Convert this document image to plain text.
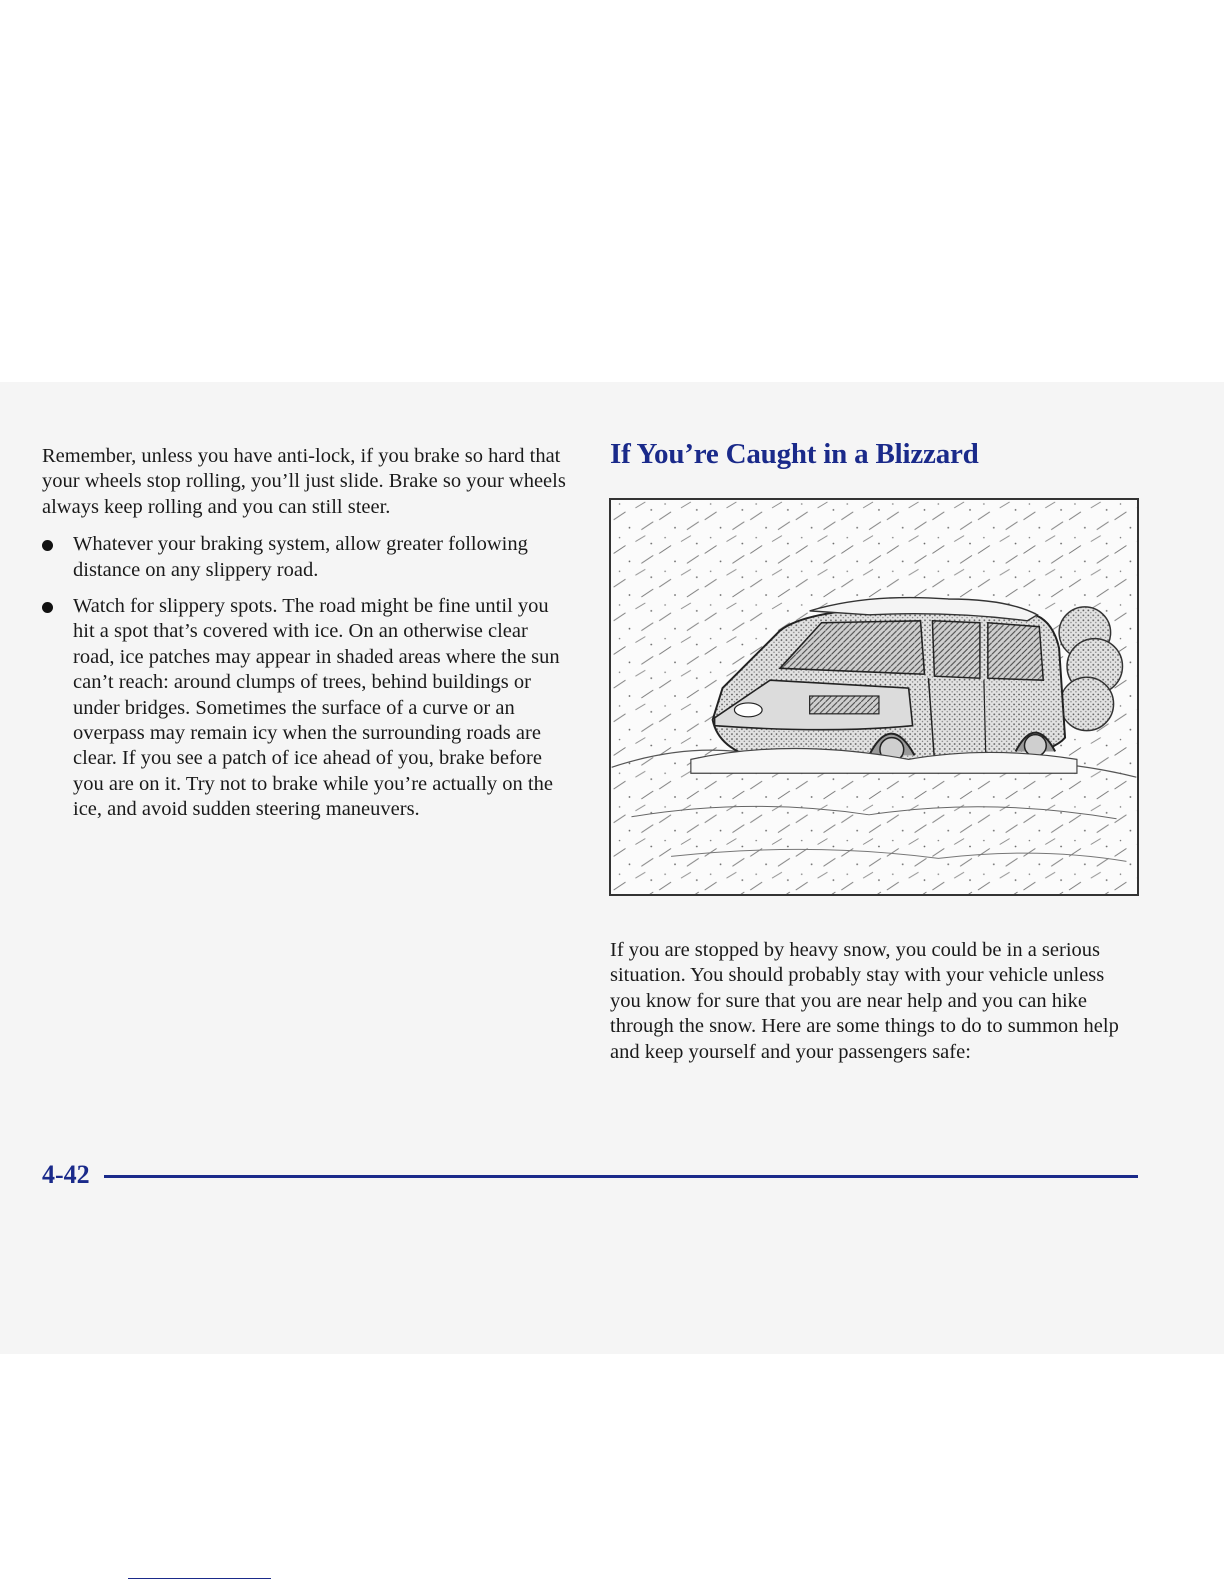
Remember, unless you have anti-lock, if you brake so hard that your wheels stop rolling, you’ll just slide. Brake so your wheels always keep rolling and you can still steer.

Whatever your braking system, allow greater following distance on any slippery road.
Watch for slippery spots. The road might be fine until you hit a spot that’s covered with ice. On an otherwise clear road, ice patches may appear in shaded areas where the sun can’t reach: around clumps of trees, behind buildings or under bridges. Sometimes the surface of a curve or an overpass may remain icy when the surrounding roads are clear. If you see a patch of ice ahead of you, brake before you are on it. Try not to brake while you’re actually on the ice, and avoid sudden steering maneuvers.
If You’re Caught in a Blizzard

If you are stopped by heavy snow, you could be in a serious situation. You should probably stay with your vehicle unless you know for sure that you are near help and you can hike through the snow. Here are some things to do to summon help and keep yourself and your passengers safe:

4-42
